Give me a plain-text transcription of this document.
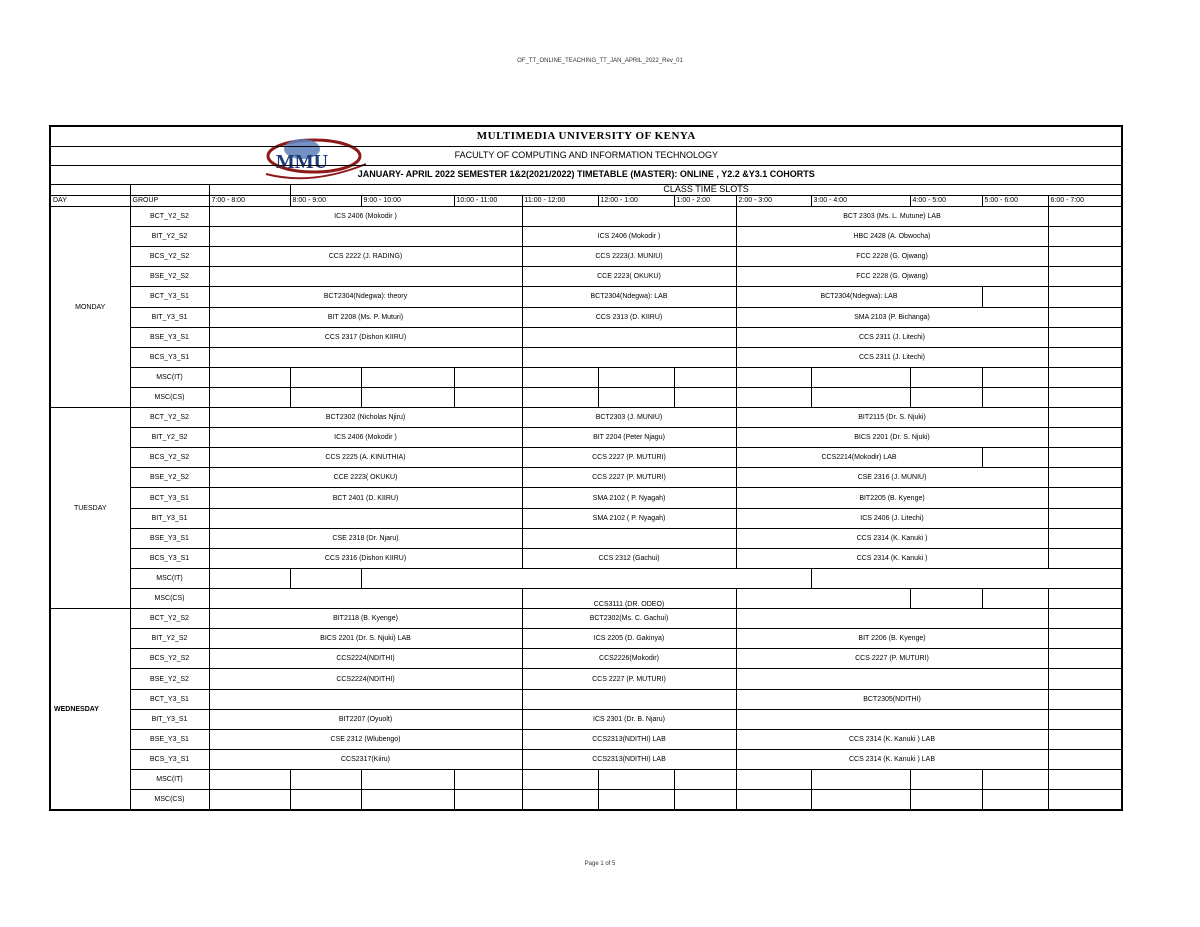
OF_TT_ONLINE_TEACHING_TT_JAN_APRIL_2022_Rev_01
MMU
MULTIMEDIA UNIVERSITY OF KENYA														
FACULTY OF COMPUTING AND INFORMATION TECHNOLOGY														
JANUARY- APRIL 2022 SEMESTER 1&2(2021/2022) TIMETABLE (MASTER): ONLINE , Y2.2 &Y3.1 COHORTS														
			CLASS TIME SLOTS											
DAY	GROUP	7:00 - 8:00	8:00 - 9:00	9:00 - 10:00	10:00 - 11:00	11:00 - 12:00	12:00 - 1:00	1:00 - 2:00	2:00 - 3:00	3:00 - 4:00	4:00 - 5:00	5:00 - 6:00	6:00 - 7:00	
MONDAY	BCT_Y2_S2	ICS 2406 (Mokodir )							BCT 2303 (Ms. L. Mutune) LAB					
	BIT_Y2_S2					ICS 2406 (Mokodir )			HBC 2428 (A. Obwocha)					
	BCS_Y2_S2	CCS 2222 (J. RADING)				CCS 2223(J. MUNIU)			FCC 2228 (G. Ojwang)					
	BSE_Y2_S2					CCE 2223( OKUKU)			FCC 2228 (G. Ojwang)					
	BCT_Y3_S1	BCT2304(Ndegwa): theory				BCT2304(Ndegwa): LAB			BCT2304(Ndegwa): LAB					
	BIT_Y3_S1	BIT 2208 (Ms. P. Muturi)				CCS 2313 (D. KIIRU)			SMA 2103 (P. Bichanga)					
	BSE_Y3_S1	CCS 2317 (Dishon KIIRU)							CCS 2311 (J. Litechi)					
	BCS_Y3_S1								CCS 2311 (J. Litechi)					
	MSC(IT)													
	MSC(CS)													
TUESDAY	BCT_Y2_S2	BCT2302 (Nicholas Njiru)				BCT2303 (J. MUNIU)			BIT2115 (Dr. S. Njuki)					
	BIT_Y2_S2	ICS 2406 (Mokodir )				BIT 2204 (Peter Njagu)			BICS 2201 (Dr. S. Njuki)					
	BCS_Y2_S2	CCS 2225 (A. KINUTHIA)				CCS 2227 (P. MUTURI)			CCS2214(Mokodir) LAB					
	BSE_Y2_S2	CCE 2223( OKUKU)				CCS 2227 (P. MUTURI)			CSE 2316 (J. MUNIU)					
	BCT_Y3_S1	BCT 2401 (D. KIIRU)				SMA 2102 ( P. Nyagah)			BIT2205 (B. Kyenge)					
	BIT_Y3_S1					SMA 2102 ( P. Nyagah)			ICS 2406 (J. Litechi)					
	BSE_Y3_S1	CSE 2318 (Dr. Njaru)							CCS 2314 (K. Kanuki )					
	BCS_Y3_S1	CCS 2316 (Dishon KIIRU)				CCS 2312 (Gachui)			CCS 2314 (K. Kanuki )					
	MSC(IT)													
	MSC(CS)					CCS3111 (DR. ODEO)								
WEDNESDAY	BCT_Y2_S2	BIT2118 (B. Kyenge)				BCT2302(Ms. C. Gachui)								
	BIT_Y2_S2	BICS 2201 (Dr. S. Njuki) LAB				ICS 2205 (D. Gakinya)			BIT 2206 (B. Kyenge)					
	BCS_Y2_S2	CCS2224(NDITHI)				CCS2226(Mokodir)			CCS 2227 (P. MUTURI)					
	BSE_Y2_S2	CCS2224(NDITHI)				CCS 2227 (P. MUTURI)								
	BCT_Y3_S1								BCT2305(NDITHI)					
	BIT_Y3_S1	BIT2207 (Oyuolt)				ICS 2301 (Dr. B. Njaru)								
	BSE_Y3_S1	CSE 2312 (Wlubengo)				CCS2313(NDITHI) LAB			CCS 2314 (K. Kanuki ) LAB					
	BCS_Y3_S1	CCS2317(Kiiru)				CCS2313(NDITHI) LAB			CCS 2314 (K. Kanuki ) LAB					
	MSC(IT)													
	MSC(CS)													
Page 1 of 5
